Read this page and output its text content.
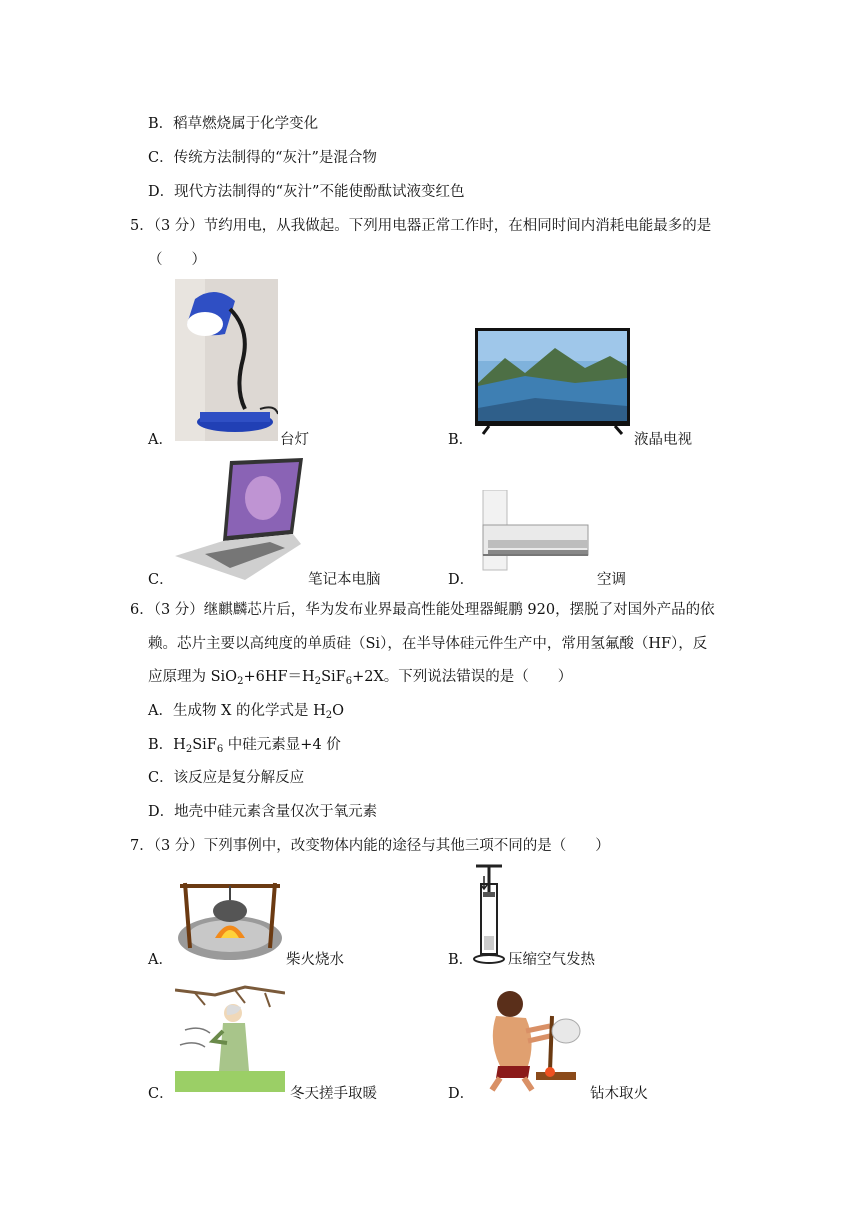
B．稻草燃烧属于化学变化
C．传统方法制得的“灰汁”是混合物
D．现代方法制得的“灰汁”不能使酚酞试液变红色
5．（3 分）节约用电，从我做起。下列用电器正常工作时，在相同时间内消耗电能最多的是
（　　）
A．	台灯	B．	液晶电视
C．	笔记本电脑	D．	空调
6．（3 分）继麒麟芯片后，华为发布业界最高性能处理器鲲鹏 920，摆脱了对国外产品的依
赖。芯片主要以高纯度的单质硅（Si），在半导体硅元件生产中，常用氢氟酸（HF），反
应原理为 $SiO_2+6HF=H_2SiF_6+2X$。下列说法错误的是（　　）
A．生成物 X 的化学式是 $H_2O$
B．$H_2SiF_6$ 中硅元素显+4 价
C．该反应是复分解反应
D．地壳中硅元素含量仅次于氧元素
7．（3 分）下列事例中，改变物体内能的途径与其他三项不同的是（　　）
A．	柴火烧水	B． 压缩空气发热
C．	冬天搓手取暖	D．	钻木取火
